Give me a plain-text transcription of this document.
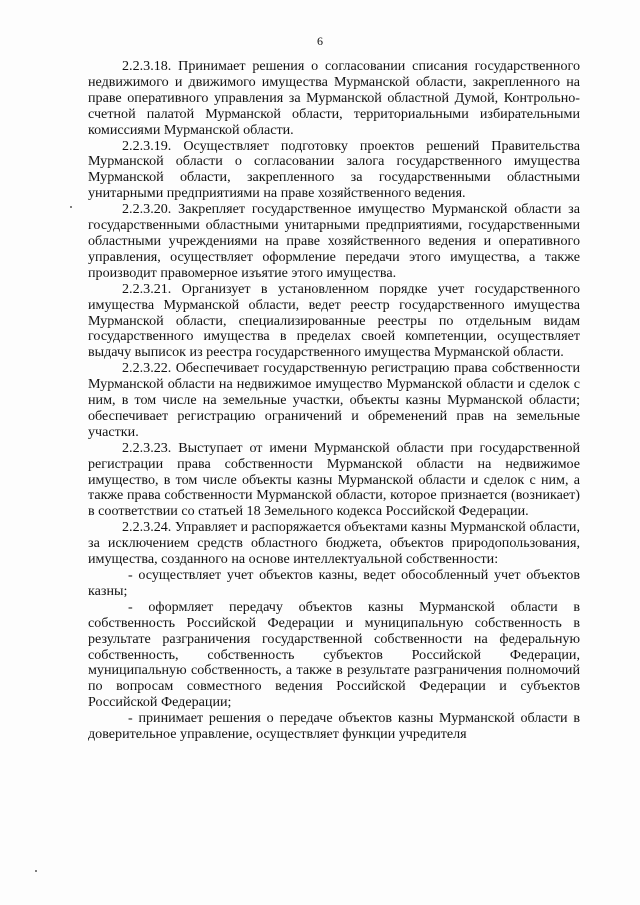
6

2.2.3.18. Принимает решения о согласовании списания государственного недвижимого и движимого имущества Мурманской области, закрепленного на праве оперативного управления за Мурманской областной Думой, Контрольно-счетной палатой Мурманской области, территориальными избирательными комиссиями Мурманской области.

2.2.3.19. Осуществляет подготовку проектов решений Правительства Мурманской области о согласовании залога государственного имущества Мурманской области, закрепленного за государственными областными унитарными предприятиями на праве хозяйственного ведения.

2.2.3.20. Закрепляет государственное имущество Мурманской области за государственными областными унитарными предприятиями, государственными областными учреждениями на праве хозяйственного ведения и оперативного управления, осуществляет оформление передачи этого имущества, а также производит правомерное изъятие этого имущества.

2.2.3.21. Организует в установленном порядке учет государственного имущества Мурманской области, ведет реестр государственного имущества Мурманской области, специализированные реестры по отдельным видам государственного имущества в пределах своей компетенции, осуществляет выдачу выписок из реестра государственного имущества Мурманской области.

2.2.3.22. Обеспечивает государственную регистрацию права собственности Мурманской области на недвижимое имущество Мурманской области и сделок с ним, в том числе на земельные участки, объекты казны Мурманской области; обеспечивает регистрацию ограничений и обременений прав на земельные участки.

2.2.3.23. Выступает от имени Мурманской области при государственной регистрации права собственности Мурманской области на недвижимое имущество, в том числе объекты казны Мурманской области и сделок с ним, а также права собственности Мурманской области, которое признается (возникает) в соответствии со статьей 18 Земельного кодекса Российской Федерации.

2.2.3.24. Управляет и распоряжается объектами казны Мурманской области, за исключением средств областного бюджета, объектов природопользования, имущества, созданного на основе интеллектуальной собственности:

- осуществляет учет объектов казны, ведет обособленный учет объектов казны;

- оформляет передачу объектов казны Мурманской области в собственность Российской Федерации и муниципальную собственность в результате разграничения государственной собственности на федеральную собственность, собственность субъектов Российской Федерации, муниципальную собственность, а также в результате разграничения полномочий по вопросам совместного ведения Российской Федерации и субъектов Российской Федерации;

- принимает решения о передаче объектов казны Мурманской области в доверительное управление, осуществляет функции учредителя
